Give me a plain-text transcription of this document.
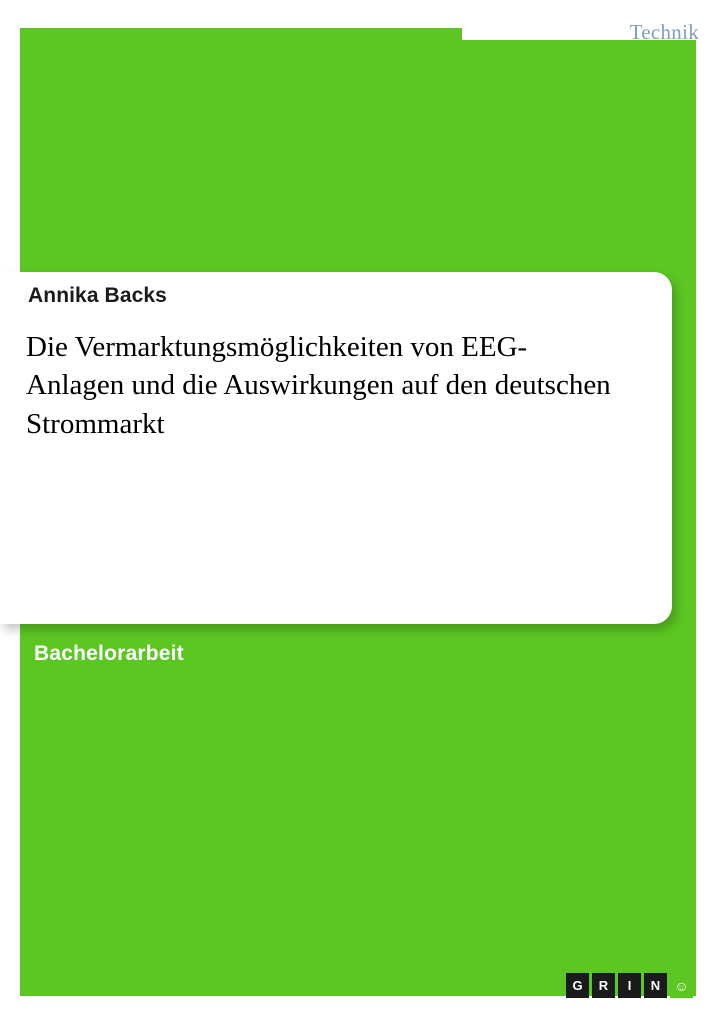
Technik
Annika Backs
Die Vermarktungsmöglichkeiten von EEG-Anlagen und die Auswirkungen auf den deutschen Strommarkt
Bachelorarbeit
G	R	I	N	☺
